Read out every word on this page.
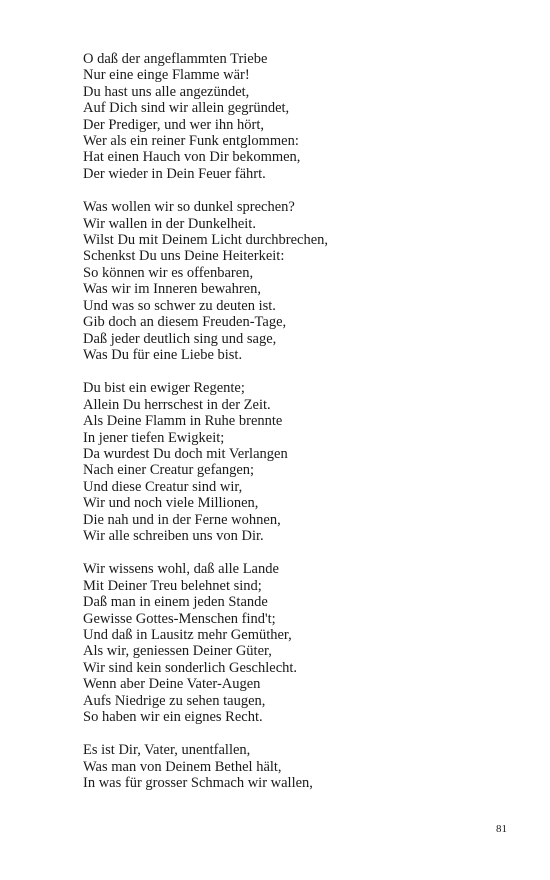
O daß der angeflammten Triebe
Nur eine einge Flamme wär!
Du hast uns alle angezündet,
Auf Dich sind wir allein gegründet,
Der Prediger, und wer ihn hört,
Wer als ein reiner Funk entglommen:
Hat einen Hauch von Dir bekommen,
Der wieder in Dein Feuer fährt.
Was wollen wir so dunkel sprechen?
Wir wallen in der Dunkelheit.
Wilst Du mit Deinem Licht durchbrechen,
Schenkst Du uns Deine Heiterkeit:
So können wir es offenbaren,
Was wir im Inneren bewahren,
Und was so schwer zu deuten ist.
Gib doch an diesem Freuden-Tage,
Daß jeder deutlich sing und sage,
Was Du für eine Liebe bist.
Du bist ein ewiger Regente;
Allein Du herrschest in der Zeit.
Als Deine Flamm in Ruhe brennte
In jener tiefen Ewigkeit;
Da wurdest Du doch mit Verlangen
Nach einer Creatur gefangen;
Und diese Creatur sind wir,
Wir und noch viele Millionen,
Die nah und in der Ferne wohnen,
Wir alle schreiben uns von Dir.
Wir wissens wohl, daß alle Lande
Mit Deiner Treu belehnet sind;
Daß man in einem jeden Stande
Gewisse Gottes-Menschen find't;
Und daß in Lausitz mehr Gemüther,
Als wir, geniessen Deiner Güter,
Wir sind kein sonderlich Geschlecht.
Wenn aber Deine Vater-Augen
Aufs Niedrige zu sehen taugen,
So haben wir ein eignes Recht.
Es ist Dir, Vater, unentfallen,
Was man von Deinem Bethel hält,
In was für grosser Schmach wir wallen,
81
